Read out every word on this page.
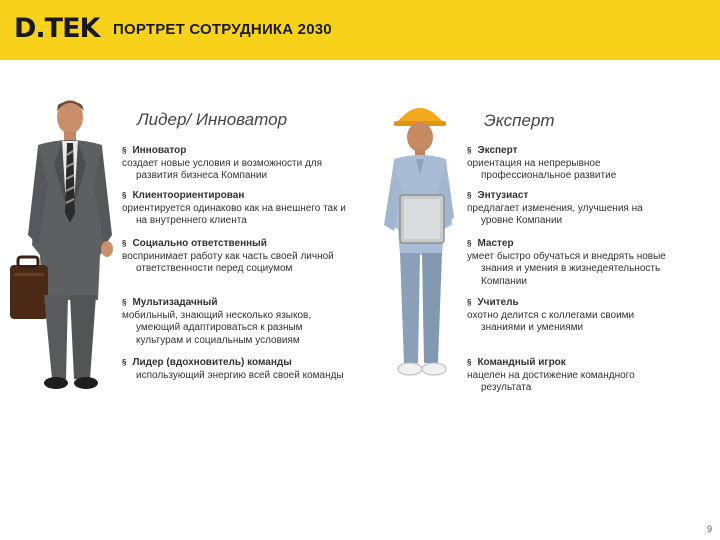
D.TEK ПОРТРЕТ СОТРУДНИКА 2030
Лидер/ Инноватор	Эксперт
§ Инноватор
создает новые условия и возможности для
развития бизнеса Компании
§ Клиентоориентирован
ориентируется одинаково как на внешнего так и
на внутреннего клиента
§ Социально ответственный
воспринимает работу как часть своей личной
ответственности перед социумом
§ Мультизадачный
мобильный, знающий несколько языков,
умеющий адаптироваться к разным
культурам и социальным условиям
§ Лидер (вдохновитель) команды
использующий энергию всей своей команды
§ Эксперт
ориентация на непрерывное
профессиональное развитие
§ Энтузиаст
предлагает изменения, улучшения на
уровне Компании
§ Мастер
умеет быстро обучаться и внедрять новые
знания и умения в жизнедеятельность
Компании
§ Учитель
охотно делится с коллегами своими
знаниями и умениями
§ Командный игрок
нацелен на достижение командного
результата
9
